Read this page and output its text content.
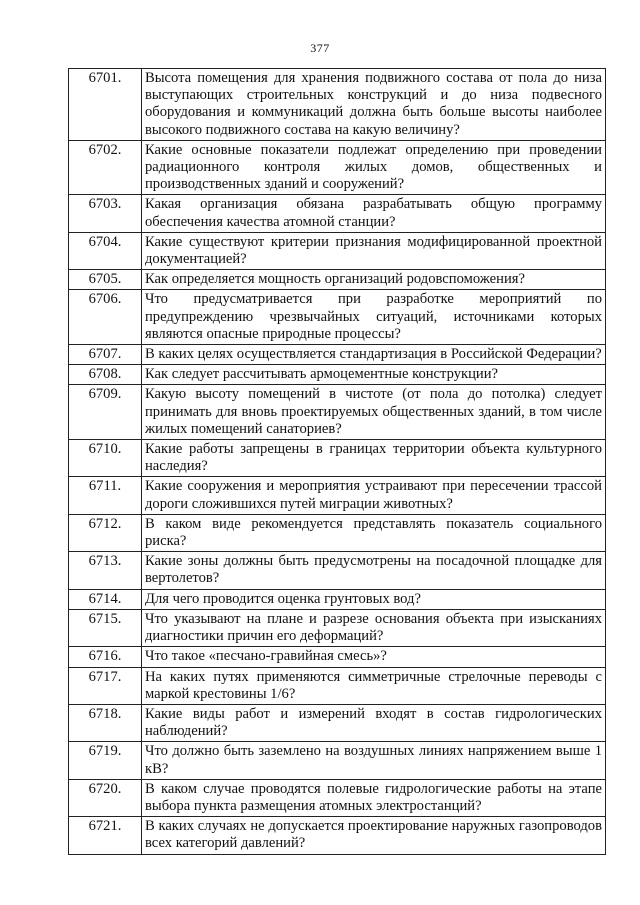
377
6701.	Высота помещения для хранения подвижного состава от пола до низа выступающих строительных конструкций и до низа подвесного оборудования и коммуникаций должна быть больше высоты наиболее высокого подвижного состава на какую величину?
6702.	Какие основные показатели подлежат определению при проведении радиационного контроля жилых домов, общественных и производственных зданий и сооружений?
6703.	Какая организация обязана разрабатывать общую программу обеспечения качества атомной станции?
6704.	Какие существуют критерии признания модифицированной проектной документацией?
6705.	Как определяется мощность организаций родовспоможения?
6706.	Что предусматривается при разработке мероприятий по предупреждению чрезвычайных ситуаций, источниками которых являются опасные природные процессы?
6707.	В каких целях осуществляется стандартизация в Российской Федерации?
6708.	Как следует рассчитывать армоцементные конструкции?
6709.	Какую высоту помещений в чистоте (от пола до потолка) следует принимать для вновь проектируемых общественных зданий, в том числе жилых помещений санаториев?
6710.	Какие работы запрещены в границах территории объекта культурного наследия?
6711.	Какие сооружения и мероприятия устраивают при пересечении трассой дороги сложившихся путей миграции животных?
6712.	В каком виде рекомендуется представлять показатель социального риска?
6713.	Какие зоны должны быть предусмотрены на посадочной площадке для вертолетов?
6714.	Для чего проводится оценка грунтовых вод?
6715.	Что указывают на плане и разрезе основания объекта при изысканиях диагностики причин его деформаций?
6716.	Что такое «песчано-гравийная смесь»?
6717.	На каких путях применяются симметричные стрелочные переводы с маркой крестовины 1/6?
6718.	Какие виды работ и измерений входят в состав гидрологических наблюдений?
6719.	Что должно быть заземлено на воздушных линиях напряжением выше 1 кВ?
6720.	В каком случае проводятся полевые гидрологические работы на этапе выбора пункта размещения атомных электростанций?
6721.	В каких случаях не допускается проектирование наружных газопроводов всех категорий давлений?
